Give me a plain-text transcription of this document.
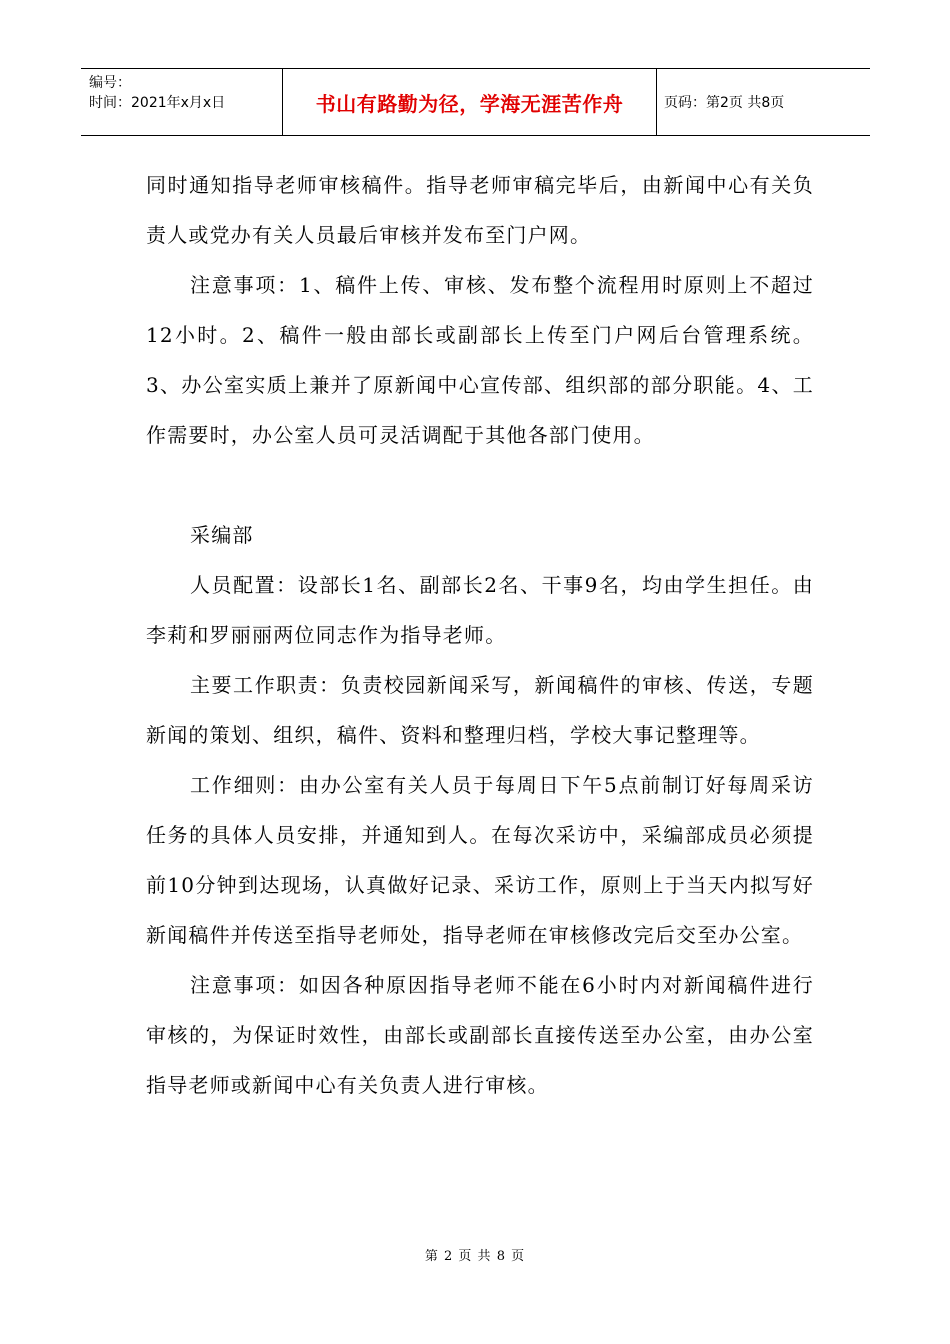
编号：
时间：2021年x月x日	书山有路勤为径，学海无涯苦作舟	页码：第2页 共8页

同时通知指导老师审核稿件。指导老师审稿完毕后，由新闻中心有关负责人或党办有关人员最后审核并发布至门户网。

注意事项：1、稿件上传、审核、发布整个流程用时原则上不超过12小时。2、稿件一般由部长或副部长上传至门户网后台管理系统。3、办公室实质上兼并了原新闻中心宣传部、组织部的部分职能。4、工作需要时，办公室人员可灵活调配于其他各部门使用。

采编部

人员配置：设部长1名、副部长2名、干事9名，均由学生担任。由李莉和罗丽丽两位同志作为指导老师。

主要工作职责：负责校园新闻采写，新闻稿件的审核、传送，专题新闻的策划、组织，稿件、资料和整理归档，学校大事记整理等。

工作细则：由办公室有关人员于每周日下午5点前制订好每周采访任务的具体人员安排，并通知到人。在每次采访中，采编部成员必须提前10分钟到达现场，认真做好记录、采访工作，原则上于当天内拟写好新闻稿件并传送至指导老师处，指导老师在审核修改完后交至办公室。

注意事项：如因各种原因指导老师不能在6小时内对新闻稿件进行审核的，为保证时效性，由部长或副部长直接传送至办公室，由办公室指导老师或新闻中心有关负责人进行审核。

第 2 页 共 8 页
